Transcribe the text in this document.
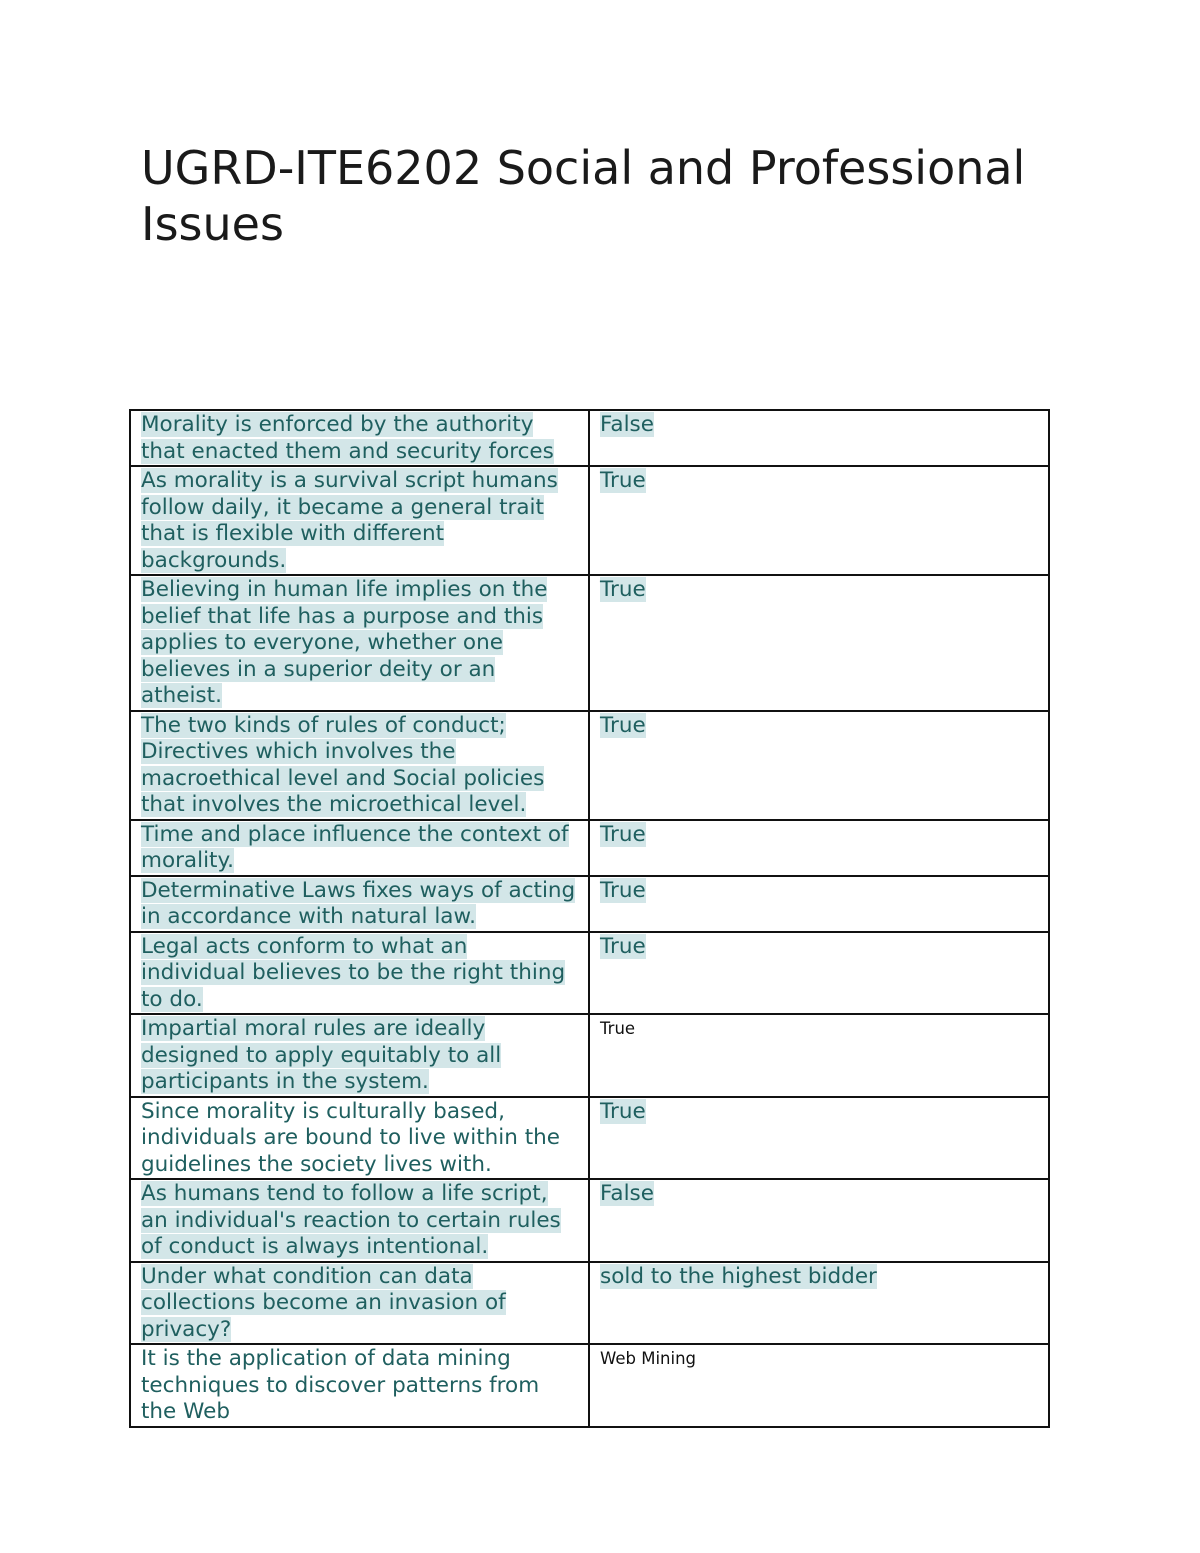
UGRD-ITE6202 Social and Professional Issues
Morality is enforced by the authority that enacted them and security forces	False
As morality is a survival script humans follow daily, it became a general trait that is flexible with different backgrounds.	True
Believing in human life implies on the belief that life has a purpose and this applies to everyone, whether one believes in a superior deity or an atheist.	True
The two kinds of rules of conduct; Directives which involves the macroethical level and Social policies that involves the microethical level.	True
Time and place influence the context of morality.	True
Determinative Laws fixes ways of acting in accordance with natural law.	True
Legal acts conform to what an individual believes to be the right thing to do.	True
Impartial moral rules are ideally designed to apply equitably to all participants in the system.	True

Since morality is culturally based, individuals are bound to live within the guidelines the society lives with.	True
As humans tend to follow a life script, an individual's reaction to certain rules of conduct is always intentional.	False
Under what condition can data collections become an invasion of privacy?	sold to the highest bidder
It is the application of data mining techniques to discover patterns from the Web	Web Mining
